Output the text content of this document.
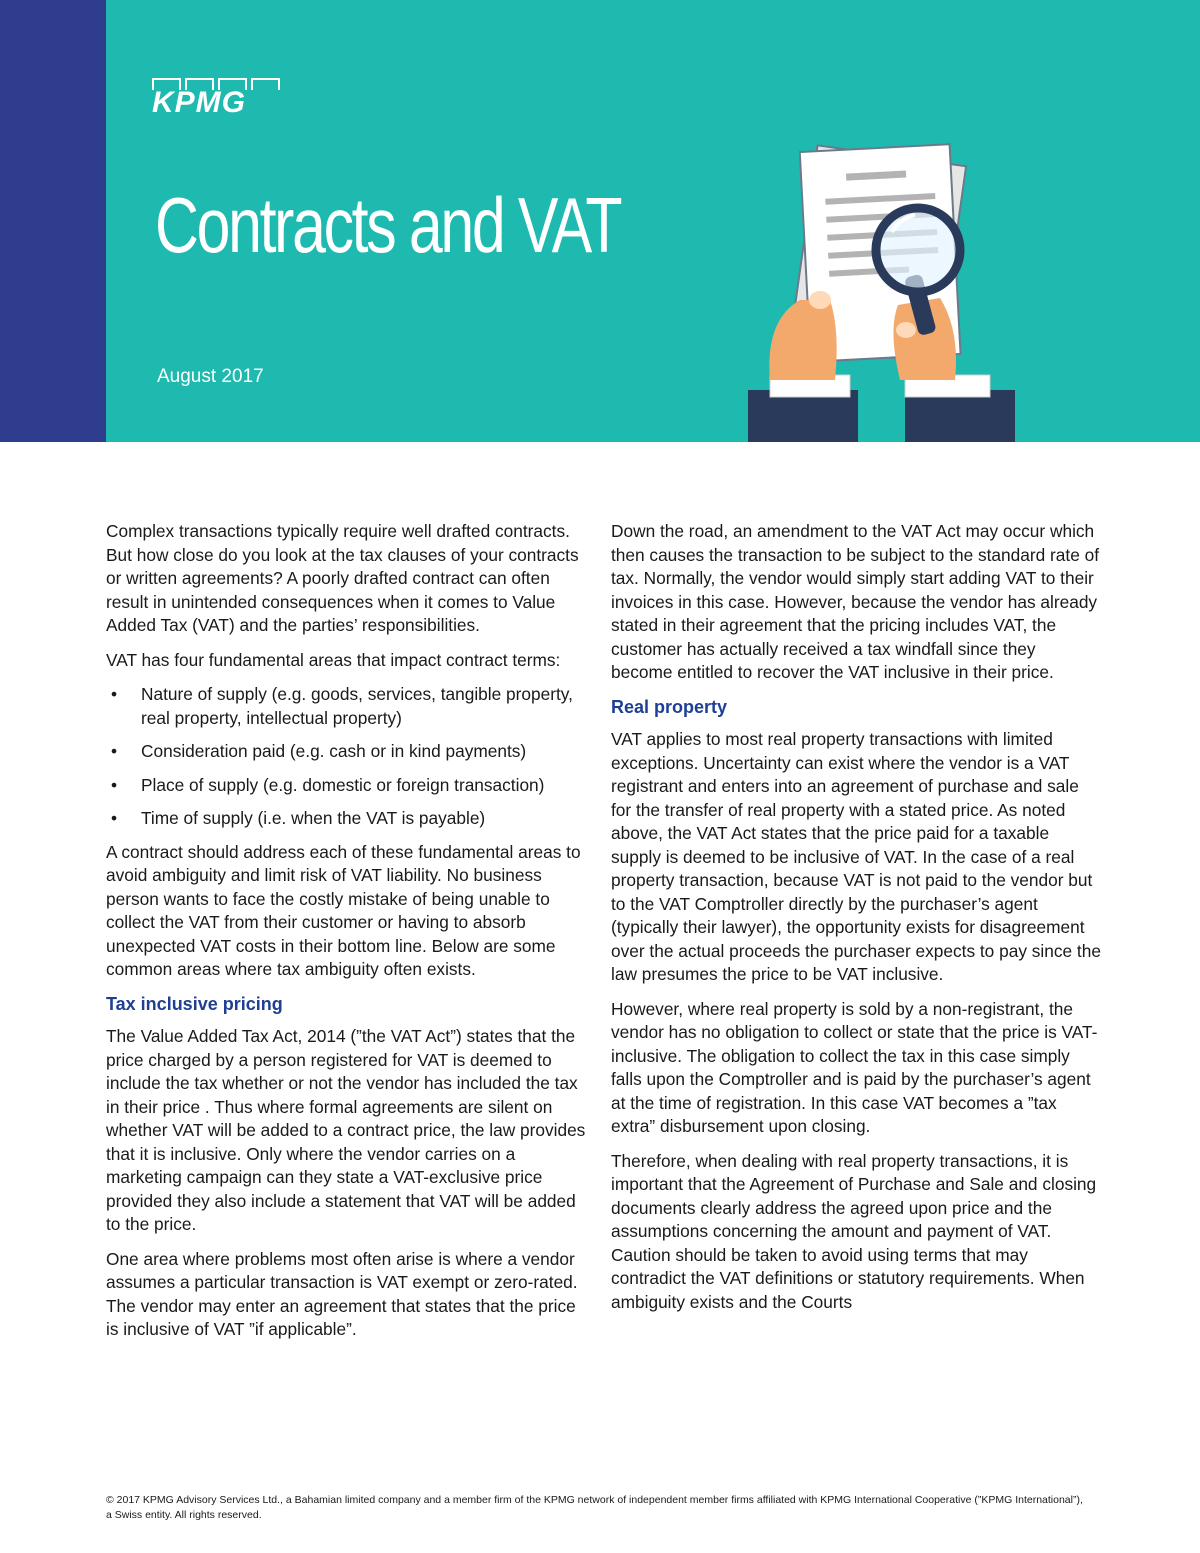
KPMG
Contracts and VAT
August 2017

Complex transactions typically require well drafted contracts. But how close do you look at the tax clauses of your contracts or written agreements? A poorly drafted contract can often result in unintended consequences when it comes to Value Added Tax (VAT) and the parties’ responsibilities.

VAT has four fundamental areas that impact contract terms:

• Nature of supply (e.g. goods, services, tangible property, real property, intellectual property)
• Consideration paid (e.g. cash or in kind payments)
• Place of supply (e.g. domestic or foreign transaction)
• Time of supply (i.e. when the VAT is payable)

A contract should address each of these fundamental areas to avoid ambiguity and limit risk of VAT liability. No business person wants to face the costly mistake of being unable to collect the VAT from their customer or having to absorb unexpected VAT costs in their bottom line. Below are some common areas where tax ambiguity often exists.

Tax inclusive pricing

The Value Added Tax Act, 2014 (”the VAT Act”) states that the price charged by a person registered for VAT is deemed to include the tax whether or not the vendor has included the tax in their price . Thus where formal agreements are silent on whether VAT will be added to a contract price, the law provides that it is inclusive. Only where the vendor carries on a marketing campaign can they state a VAT-exclusive price provided they also include a statement that VAT will be added to the price.

One area where problems most often arise is where a vendor assumes a particular transaction is VAT exempt or zero-rated. The vendor may enter an agreement that states that the price is inclusive of VAT ”if applicable”.

Down the road, an amendment to the VAT Act may occur which then causes the transaction to be subject to the standard rate of tax. Normally, the vendor would simply start adding VAT to their invoices in this case. However, because the vendor has already stated in their agreement that the pricing includes VAT, the customer has actually received a tax windfall since they become entitled to recover the VAT inclusive in their price.

Real property

VAT applies to most real property transactions with limited exceptions. Uncertainty can exist where the vendor is a VAT registrant and enters into an agreement of purchase and sale for the transfer of real property with a stated price. As noted above, the VAT Act states that the price paid for a taxable supply is deemed to be inclusive of VAT. In the case of a real property transaction, because VAT is not paid to the vendor but to the VAT Comptroller directly by the purchaser’s agent (typically their lawyer), the opportunity exists for disagreement over the actual proceeds the purchaser expects to pay since the law presumes the price to be VAT inclusive.

However, where real property is sold by a non-registrant, the vendor has no obligation to collect or state that the price is VAT-inclusive. The obligation to collect the tax in this case simply falls upon the Comptroller and is paid by the purchaser’s agent at the time of registration. In this case VAT becomes a ”tax extra” disbursement upon closing.

Therefore, when dealing with real property transactions, it is important that the Agreement of Purchase and Sale and closing documents clearly address the agreed upon price and the assumptions concerning the amount and payment of VAT. Caution should be taken to avoid using terms that may contradict the VAT definitions or statutory requirements. When ambiguity exists and the Courts

© 2017 KPMG Advisory Services Ltd., a Bahamian limited company and a member firm of the KPMG network of independent member firms affiliated with KPMG International Cooperative (”KPMG International”), a Swiss entity. All rights reserved.
